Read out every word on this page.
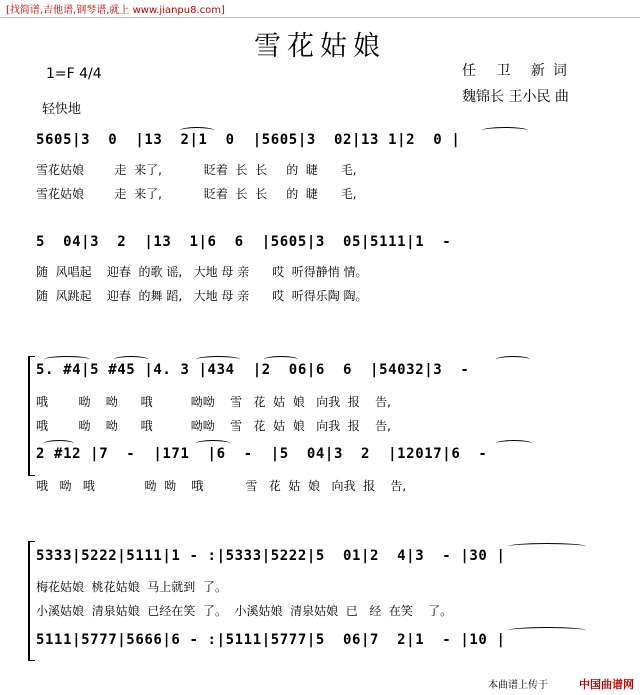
[找简谱,吉他谱,钢琴谱,就上 www.jianpu8.com]
雪花姑娘
1=F 4/4
轻快地
任 卫 新词
魏锦长 王小民 曲
5605|3  0  |13  2|1  0  |5605|3  02|13 1|2  0 |
雪花姑娘        走  来了,           眨着  长  长     的  睫      毛,
雪花姑娘        走  来了,           眨着  长  长     的  睫      毛,
5  04|3  2  |13  1|6  6  |5605|3  05|5111|1  -
随  风唱起    迎春  的歌 谣,   大地 母 亲      哎  听得静悄 情。
随  风跳起    迎春  的舞 蹈,   大地 母 亲      哎  听得乐陶 陶。
5. #4|5 #45 |4. 3 |434  |2  06|6  6  |54032|3  -
哦        呦    呦      哦          呦呦    雪   花  姑  娘   向我  报    告,
哦        呦    呦      哦          呦呦    雪   花  姑  娘   向我  报    告,
2 #12 |7  -  |171  |6  -  |5  04|3  2  |12017|6  -
哦   呦   哦             呦  呦    哦           雪   花  姑  娘   向我  报    告,
5333|5222|5111|1 - :|5333|5222|5  01|2  4|3  - |30 |
梅花姑娘  桃花姑娘  马上就到  了。
小溪姑娘  清泉姑娘  已经在笑  了。  小溪姑娘  清泉姑娘  已   经  在笑    了。
5111|5777|5666|6 - :|5111|5777|5  06|7  2|1  - |10 |
本曲谱上传于	中国曲谱网
